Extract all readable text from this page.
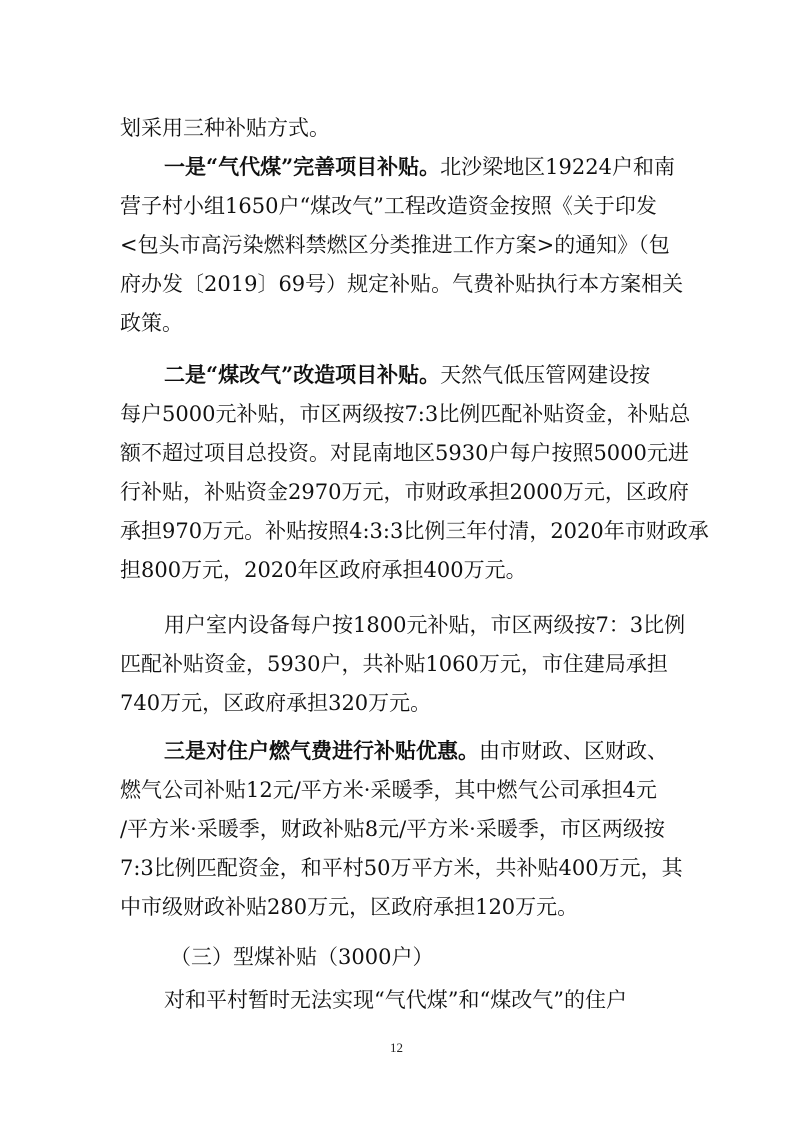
划采用三种补贴方式。
一是“气代煤”完善项目补贴。北沙梁地区19224户和南
营子村小组1650户“煤改气”工程改造资金按照《关于印发
<包头市高污染燃料禁燃区分类推进工作方案>的通知》（包
府办发〔2019〕69号）规定补贴。气费补贴执行本方案相关
政策。
二是“煤改气”改造项目补贴。天然气低压管网建设按
每户5000元补贴，市区两级按7:3比例匹配补贴资金，补贴总
额不超过项目总投资。对昆南地区5930户每户按照5000元进
行补贴，补贴资金2970万元，市财政承担2000万元，区政府
承担970万元。补贴按照4:3:3比例三年付清，2020年市财政承
担800万元，2020年区政府承担400万元。
用户室内设备每户按1800元补贴，市区两级按7：3比例
匹配补贴资金，5930户，共补贴1060万元，市住建局承担
740万元，区政府承担320万元。
三是对住户燃气费进行补贴优惠。由市财政、区财政、
燃气公司补贴12元/平方米·采暖季，其中燃气公司承担4元
/平方米·采暖季，财政补贴8元/平方米·采暖季，市区两级按
7:3比例匹配资金，和平村50万平方米，共补贴400万元，其
中市级财政补贴280万元，区政府承担120万元。
（三）型煤补贴（3000户）
对和平村暂时无法实现“气代煤”和“煤改气”的住户
12
